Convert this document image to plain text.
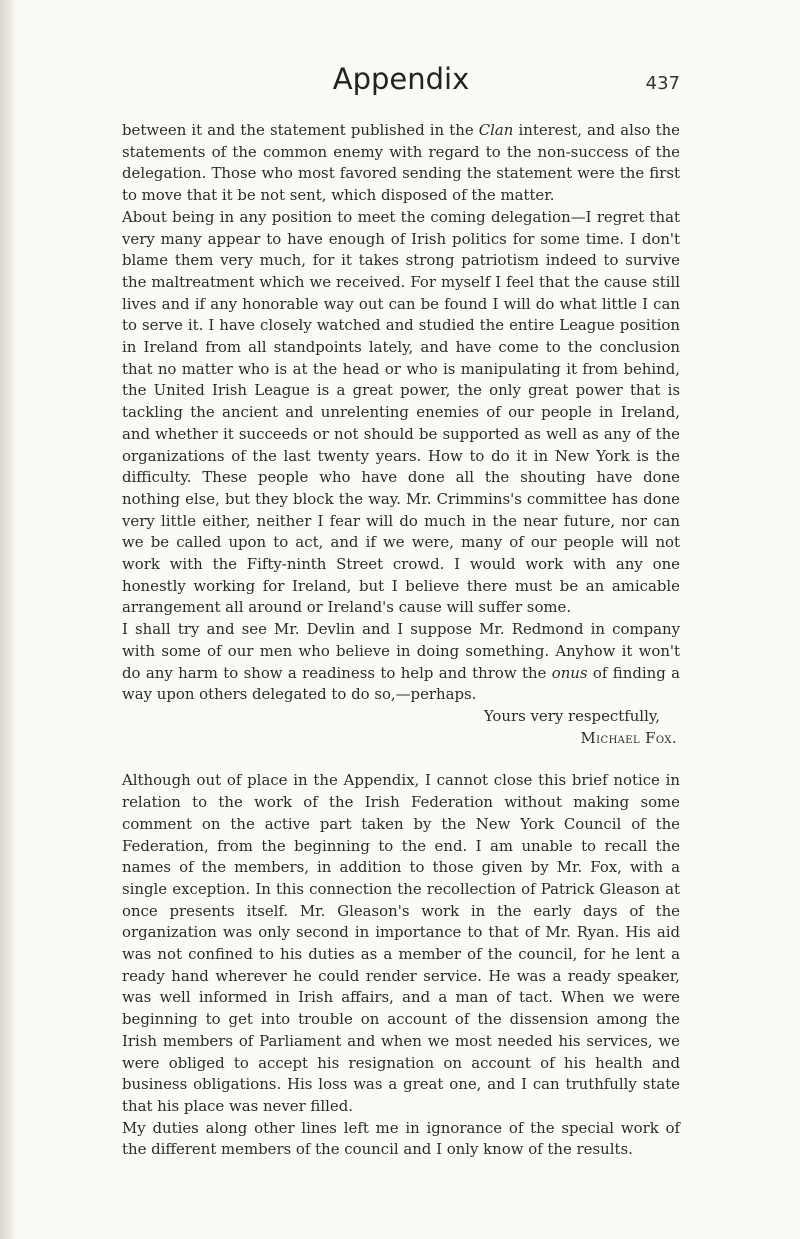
Appendix	437

between it and the statement published in the Clan interest, and also the statements of the common enemy with regard to the non-success of the delegation. Those who most favored sending the statement were the first to move that it be not sent, which disposed of the matter.

About being in any position to meet the coming delegation—I regret that very many appear to have enough of Irish politics for some time. I don't blame them very much, for it takes strong patriotism indeed to survive the maltreatment which we received. For myself I feel that the cause still lives and if any honorable way out can be found I will do what little I can to serve it. I have closely watched and studied the entire League position in Ireland from all standpoints lately, and have come to the conclusion that no matter who is at the head or who is manipulating it from behind, the United Irish League is a great power, the only great power that is tackling the ancient and unrelenting enemies of our people in Ireland, and whether it succeeds or not should be supported as well as any of the organizations of the last twenty years. How to do it in New York is the difficulty. These people who have done all the shouting have done nothing else, but they block the way. Mr. Crimmins's committee has done very little either, neither I fear will do much in the near future, nor can we be called upon to act, and if we were, many of our people will not work with the Fifty-ninth Street crowd. I would work with any one honestly working for Ireland, but I believe there must be an amicable arrangement all around or Ireland's cause will suffer some.

I shall try and see Mr. Devlin and I suppose Mr. Redmond in company with some of our men who believe in doing something. Anyhow it won't do any harm to show a readiness to help and throw the onus of finding a way upon others delegated to do so,—perhaps.

Yours very respectfully,

Michael Fox.

Although out of place in the Appendix, I cannot close this brief notice in relation to the work of the Irish Federation without making some comment on the active part taken by the New York Council of the Federation, from the beginning to the end. I am unable to recall the names of the members, in addition to those given by Mr. Fox, with a single exception. In this connection the recollection of Patrick Gleason at once presents itself. Mr. Gleason's work in the early days of the organization was only second in importance to that of Mr. Ryan. His aid was not confined to his duties as a member of the council, for he lent a ready hand wherever he could render service. He was a ready speaker, was well informed in Irish affairs, and a man of tact. When we were beginning to get into trouble on account of the dissension among the Irish members of Parliament and when we most needed his services, we were obliged to accept his resignation on account of his health and business obligations. His loss was a great one, and I can truthfully state that his place was never filled.

My duties along other lines left me in ignorance of the special work of the different members of the council and I only know of the results.
